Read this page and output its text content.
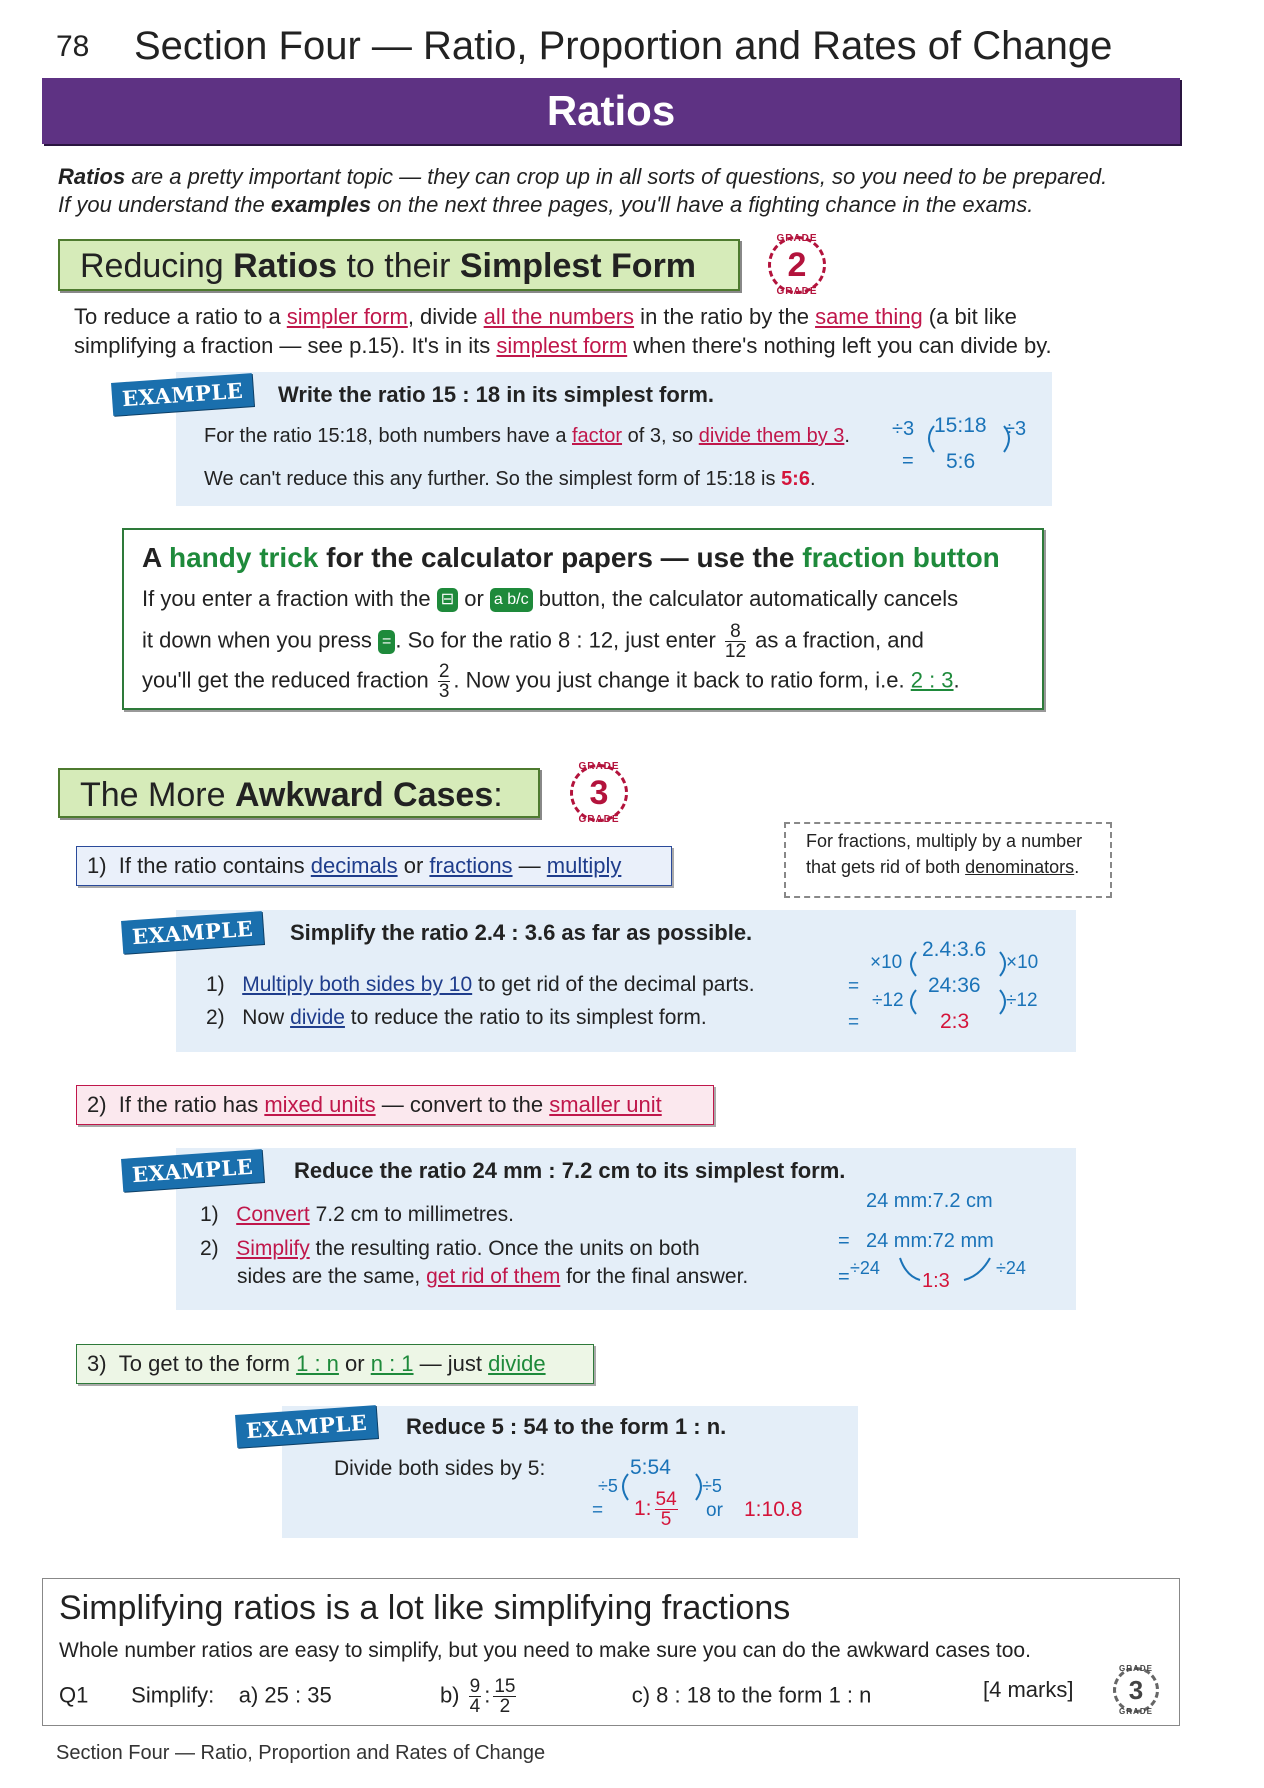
78 Section Four — Ratio, Proportion and Rates of Change
Ratios
Ratios are a pretty important topic — they can crop up in all sorts of questions, so you need to be prepared.
If you understand the examples on the next three pages, you'll have a fighting chance in the exams.
Reducing Ratios to their Simplest Form
GRADE
2
GRADE
To reduce a ratio to a simpler form, divide all the numbers in the ratio by the same thing (a bit like
simplifying a fraction — see p.15). It's in its simplest form when there's nothing left you can divide by.
EXAMPLE	Write the ratio 15 : 18 in its simplest form.
For the ratio 15:18, both numbers have a factor of 3, so divide them by 3.
We can't reduce this any further. So the simplest form of 15:18 is 5:6.
÷3 15:18 ÷3
= 5:6
A handy trick for the calculator papers — use the fraction button
If you enter a fraction with the ⊟ or a b/c button, the calculator automatically cancels
it down when you press = . So for the ratio 8 : 12, just enter $\frac{8}{12}$ as a fraction, and
you'll get the reduced fraction $\frac{2}{3}$ . Now you just change it back to ratio form, i.e. 2 : 3.
The More Awkward Cases:
GRADE
3
GRADE
For fractions, multiply by a number
that gets rid of both denominators.
1) If the ratio contains decimals or fractions — multiply
EXAMPLE	Simplify the ratio 2.4 : 3.6 as far as possible.
1) Multiply both sides by 10 to get rid of the decimal parts.
2) Now divide to reduce the ratio to its simplest form.
×10
2.4:3.6
×10
=	24:36
÷12	÷12
=	2:3
2) If the ratio has mixed units — convert to the smaller unit
EXAMPLE	Reduce the ratio 24 mm : 7.2 cm to its simplest form.
1) Convert 7.2 cm to millimetres.
2) Simplify the resulting ratio. Once the units on both
sides are the same, get rid of them for the final answer.
24 mm:7.2 cm
= 24 mm:72 mm
= ÷24
1:3
÷24
3) To get to the form 1 : n or n : 1 — just divide
EXAMPLE	Reduce 5 : 54 to the form 1 : n.
Divide both sides by 5:
÷5
5:54
÷5
= 1: $\frac{54}{5}$ or 1:10.8
Simplifying ratios is a lot like simplifying fractions
Whole number ratios are easy to simplify, but you need to make sure you can do the awkward cases too.
Q1 Simplify: a) 25 : 35	$b) \frac{9}{4}$ : $\frac{15}{2}$	c) 8 : 18 to the form 1 : n	[4 marks]
GRADE
3
GRADE
Section Four — Ratio, Proportion and Rates of Change
